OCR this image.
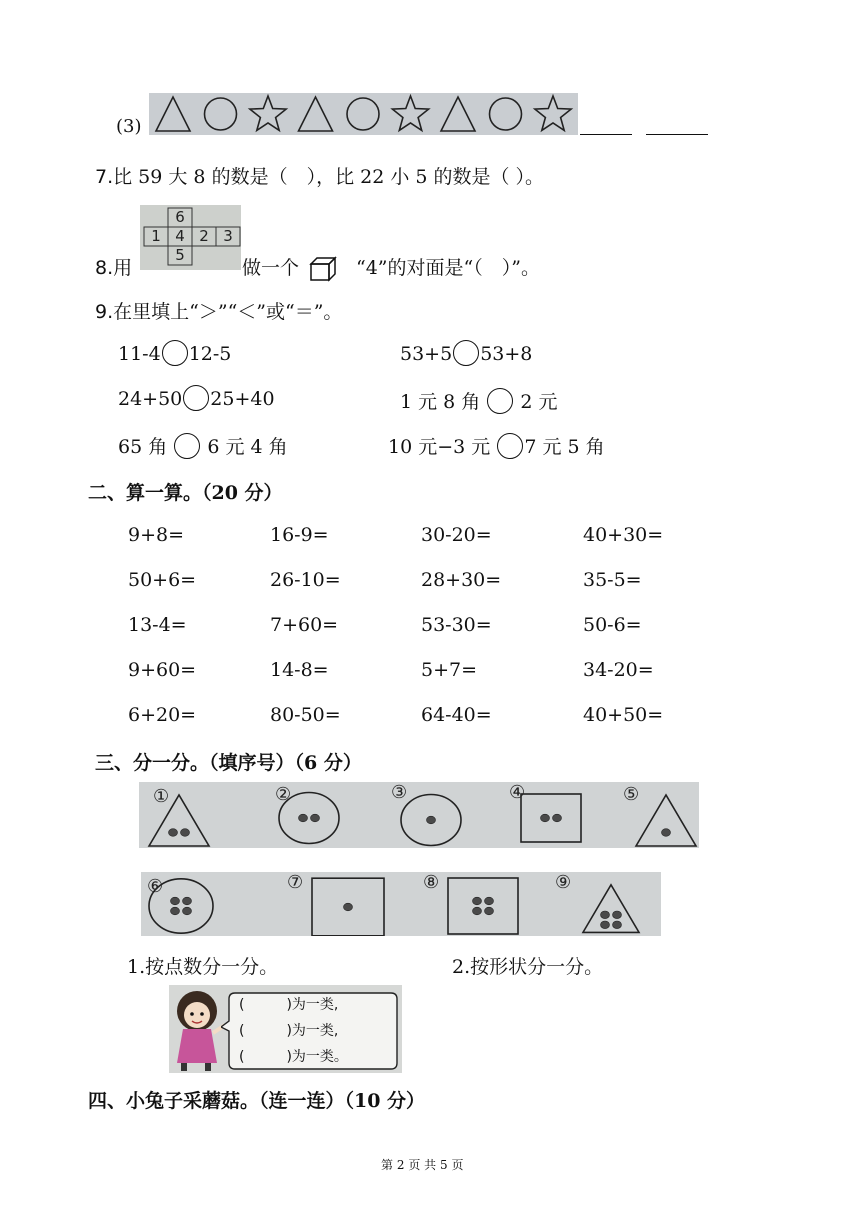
(3)
7.比 59 大 8 的数是（　），比 22 小 5 的数是（ ）。
6
1 4 2 3
5
8.用	做一个	“4”的对面是“（　）”。
9.在里填上“＞”“＜”或“＝”。
11-4 12-5	53+5 53+8
24+50 25+40	1 元 8 角 2 元
65 角 6 元 4 角	10 元−3 元 7 元 5 角
二、算一算。（20 分）
9+8=	16-9=	30-20=	40+30=
50+6=	26-10=	28+30=	35-5=
13-4=	7+60=	53-30=	50-6=
9+60=	14-8=	5+7=	34-20=
6+20=	80-50=	64-40=	40+50=
三、分一分。（填序号）（6 分）
①	②	③	④	⑤
⑥	⑦	⑧	⑨
1.按点数分一分。	2.按形状分一分。
(　　　)为一类,
(　　　)为一类,
(　　　)为一类。
四、小兔子采蘑菇。（连一连）（10 分）
第 2 页 共 5 页
